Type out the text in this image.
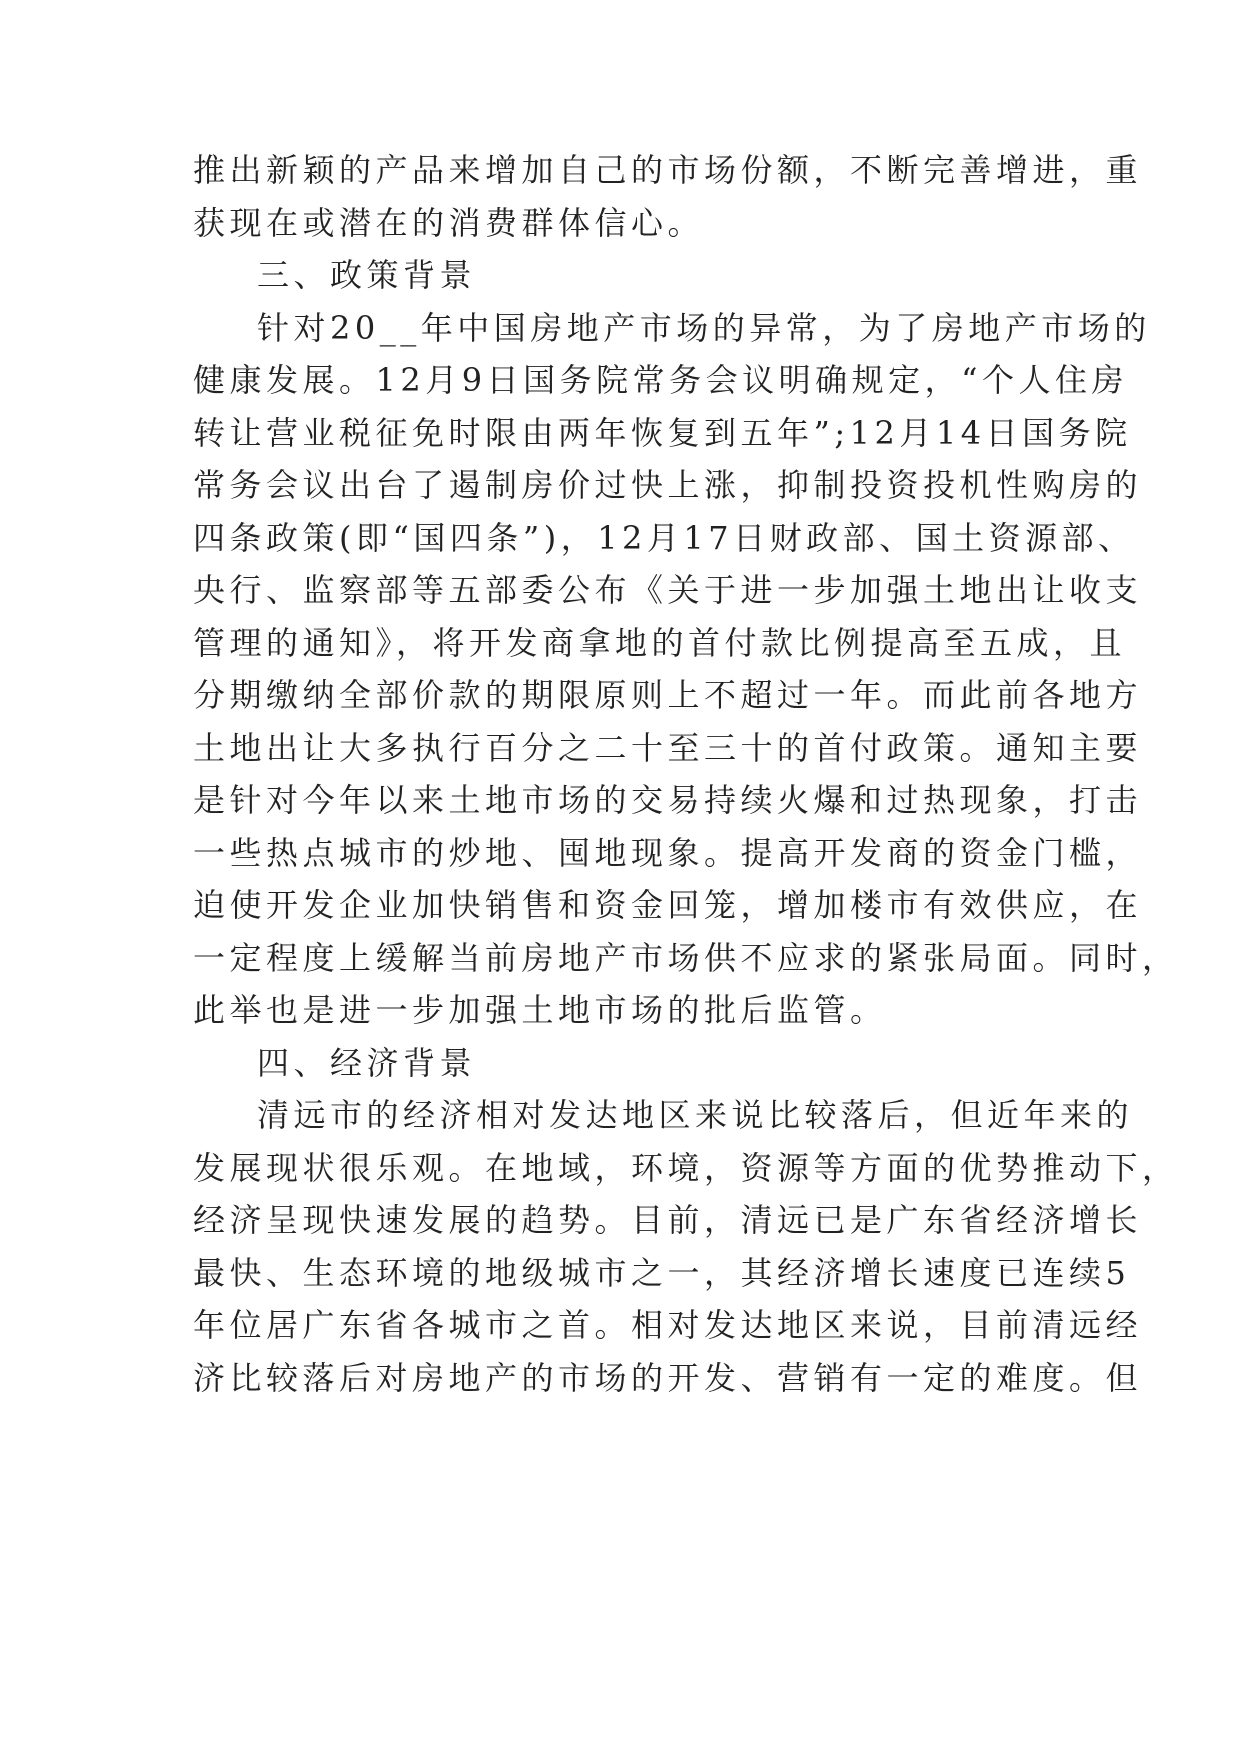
推出新颖的产品来增加自己的市场份额，不断完善增进，重
获现在或潜在的消费群体信心。
三、政策背景
针对20__年中国房地产市场的异常，为了房地产市场的
健康发展。12月9日国务院常务会议明确规定，“个人住房
转让营业税征免时限由两年恢复到五年”;12月14日国务院
常务会议出台了遏制房价过快上涨，抑制投资投机性购房的
四条政策(即“国四条”)，12月17日财政部、国土资源部、
央行、监察部等五部委公布《关于进一步加强土地出让收支
管理的通知》，将开发商拿地的首付款比例提高至五成，且
分期缴纳全部价款的期限原则上不超过一年。而此前各地方
土地出让大多执行百分之二十至三十的首付政策。通知主要
是针对今年以来土地市场的交易持续火爆和过热现象，打击
一些热点城市的炒地、囤地现象。提高开发商的资金门槛，
迫使开发企业加快销售和资金回笼，增加楼市有效供应，在
一定程度上缓解当前房地产市场供不应求的紧张局面。同时，
此举也是进一步加强土地市场的批后监管。
四、经济背景
清远市的经济相对发达地区来说比较落后，但近年来的
发展现状很乐观。在地域，环境，资源等方面的优势推动下，
经济呈现快速发展的趋势。目前，清远已是广东省经济增长
最快、生态环境的地级城市之一，其经济增长速度已连续5
年位居广东省各城市之首。相对发达地区来说，目前清远经
济比较落后对房地产的市场的开发、营销有一定的难度。但
